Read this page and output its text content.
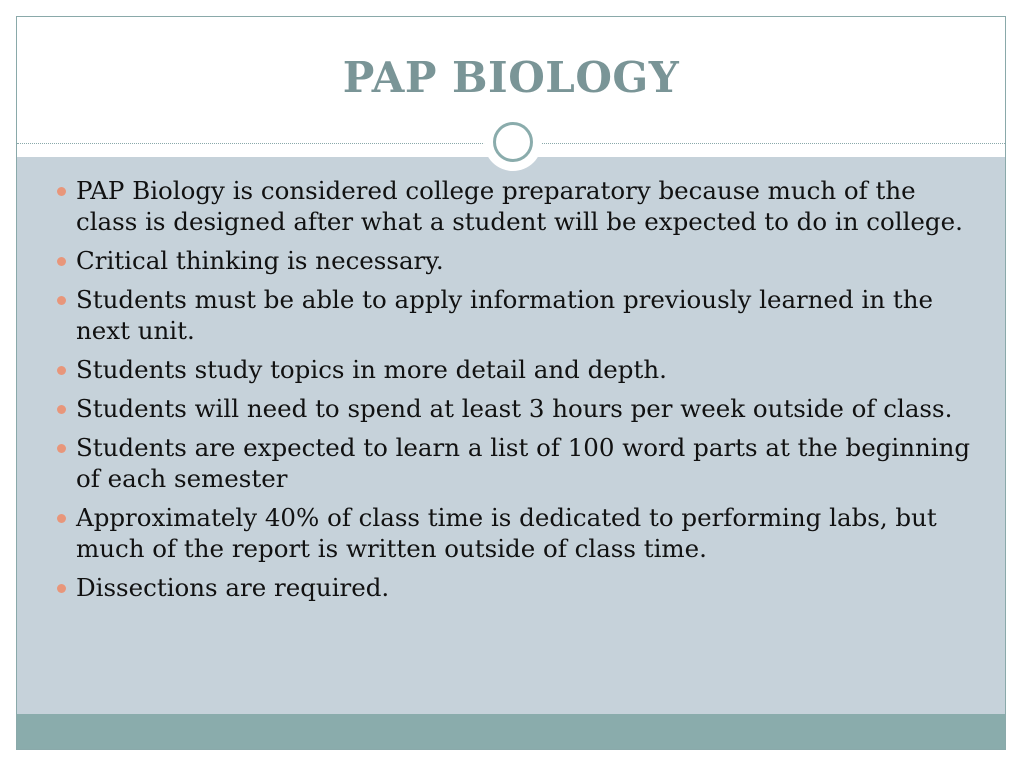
PAP BIOLOGY
PAP Biology is considered college preparatory because much of the class is designed after what a student will be expected to do in college.
Critical thinking is necessary.
Students must be able to apply information previously learned in the next unit.
Students study topics in more detail and depth.
Students will need to spend at least 3 hours per week outside of class.
Students are expected to learn a list of 100 word parts at the beginning of each semester
Approximately 40% of class time is dedicated to performing labs, but much of the report is written outside of class time.
Dissections are required.
